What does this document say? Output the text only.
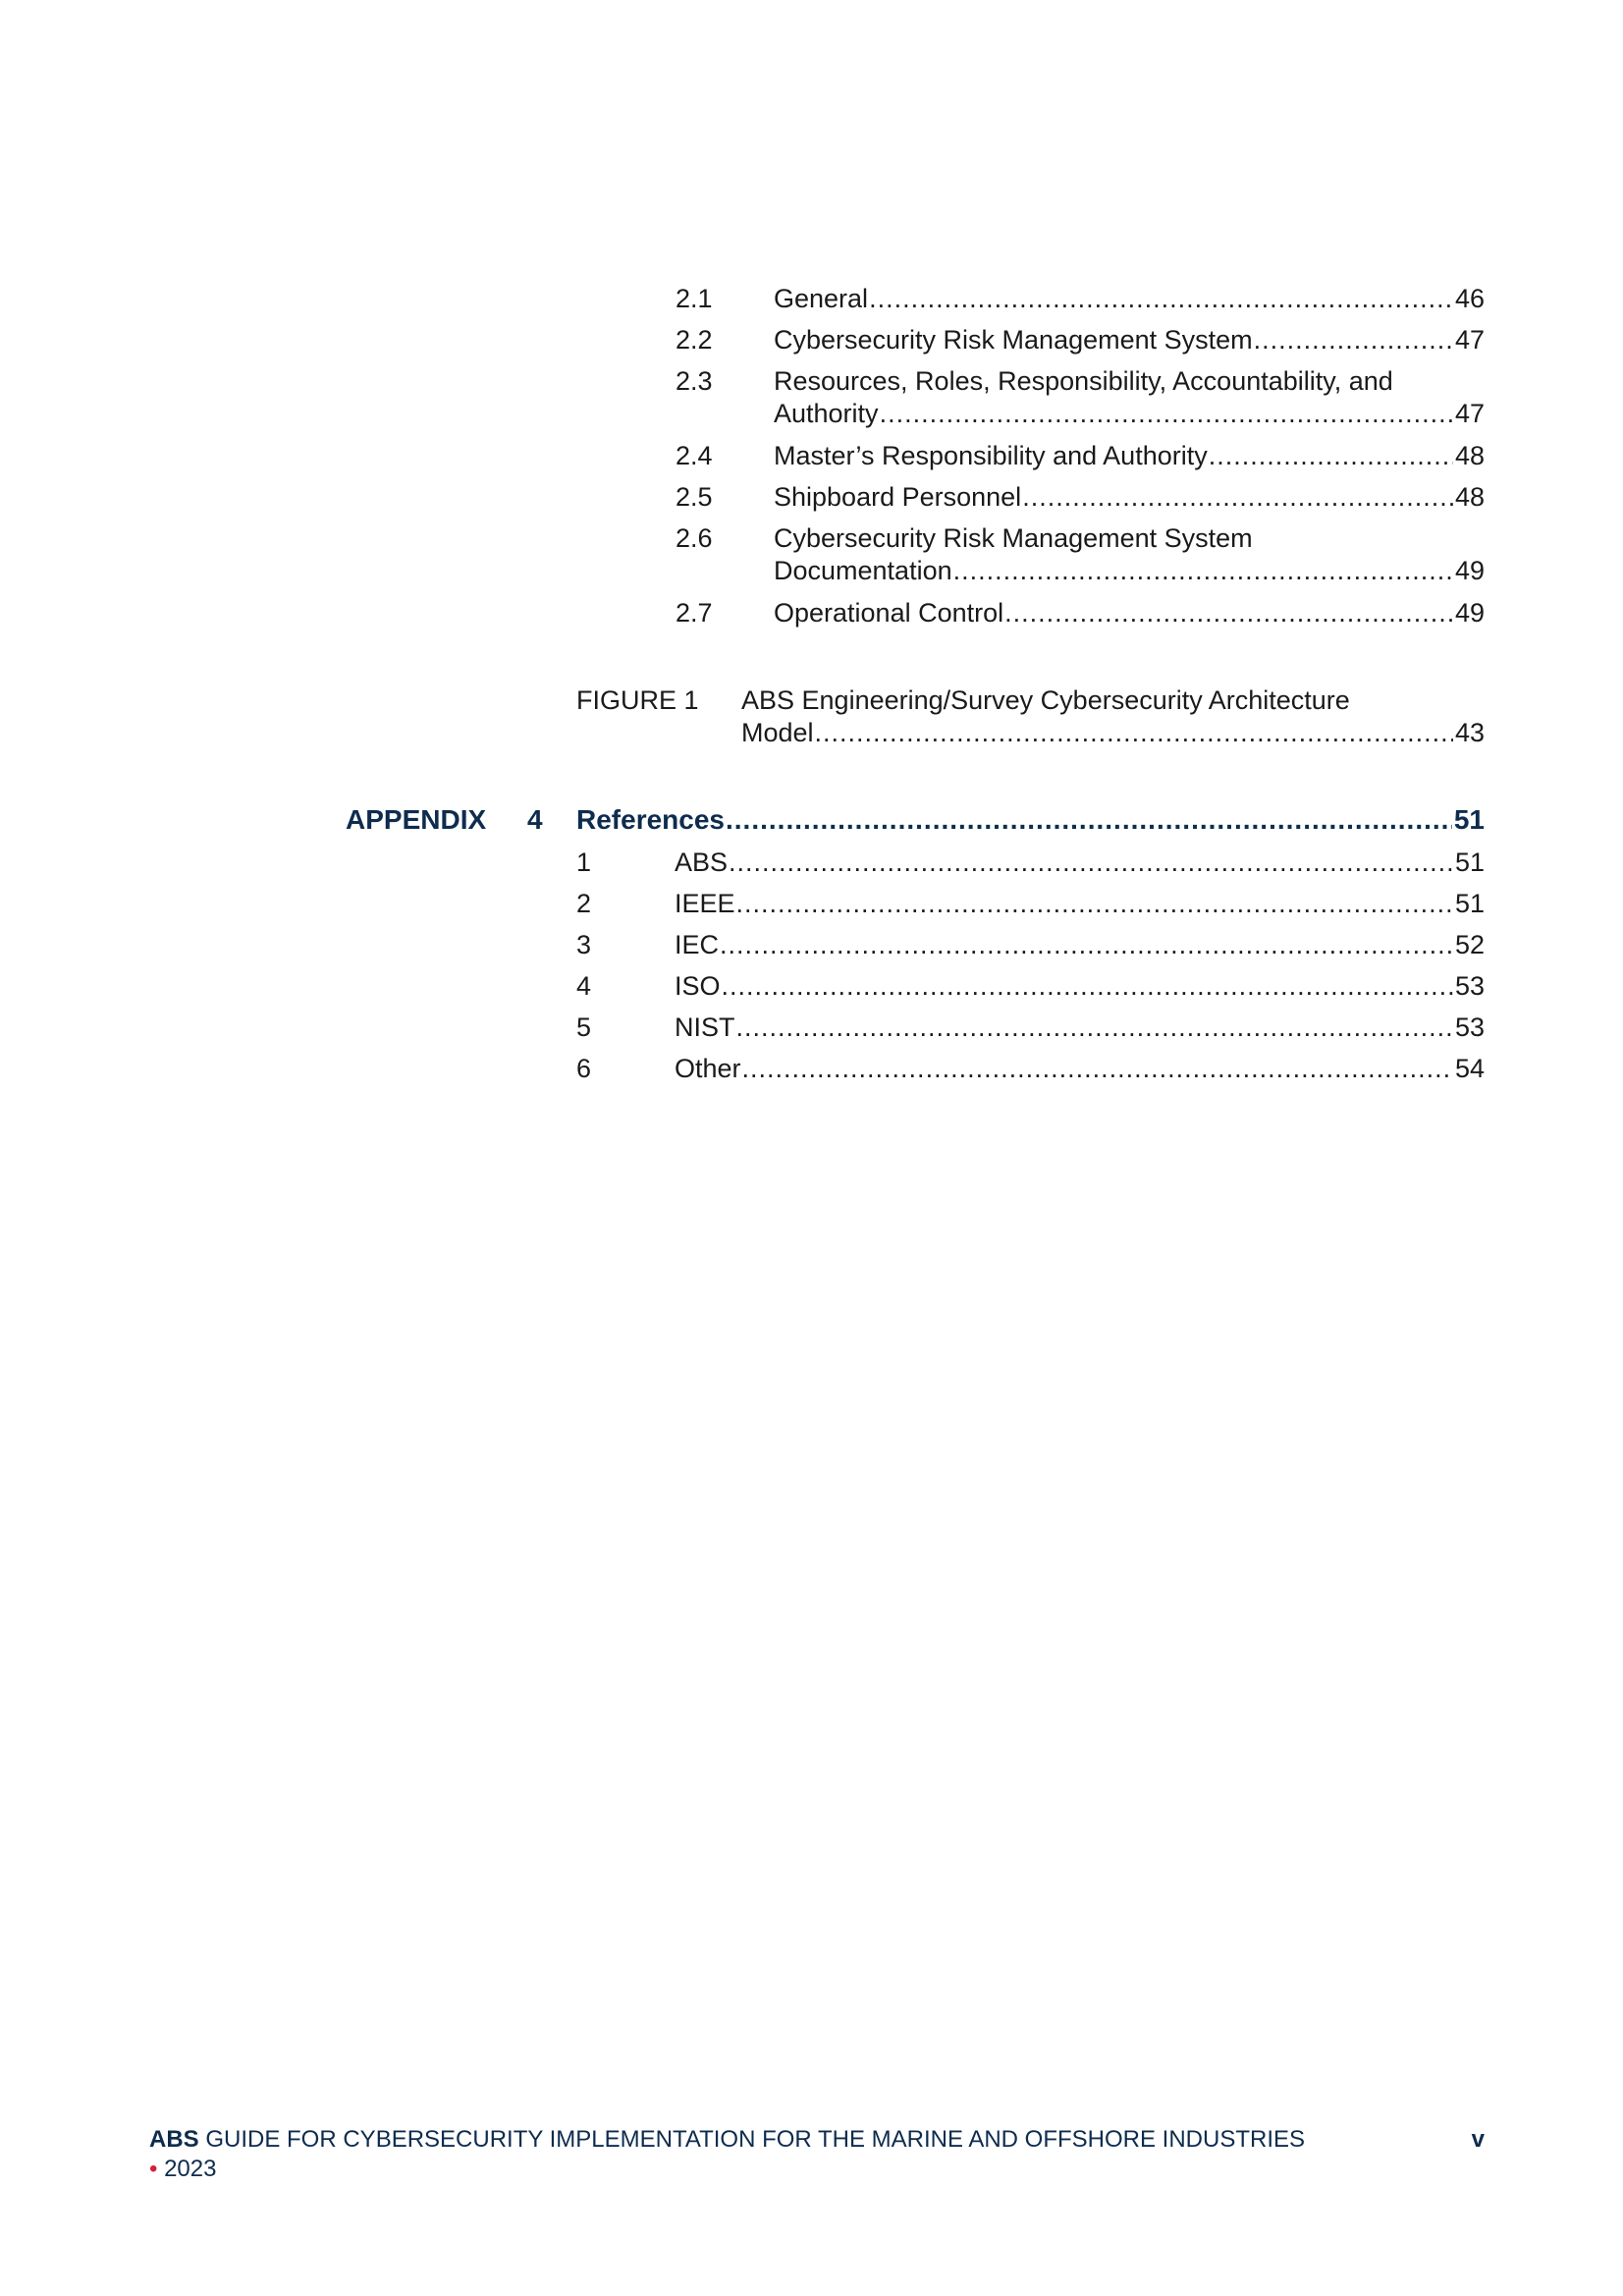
2.1 General .....	46
2.2 Cybersecurity Risk Management System .....	47
2.3 Resources, Roles, Responsibility, Accountability, and
Authority .....	47
2.4 Master’s Responsibility and Authority .....	48
2.5 Shipboard Personnel .....	48
2.6 Cybersecurity Risk Management System
Documentation .....	49
2.7 Operational Control .....	49
FIGURE 1 ABS Engineering/Survey Cybersecurity Architecture
Model .....	43
APPENDIX 4 References .....	51
1	ABS .....	51
2	IEEE .....	51
3	IEC .....	52
4	ISO .....	53
5	NIST .....	53
6	Other .....	54
ABS GUIDE FOR CYBERSECURITY IMPLEMENTATION FOR THE MARINE AND OFFSHORE INDUSTRIES
• 2023
v
